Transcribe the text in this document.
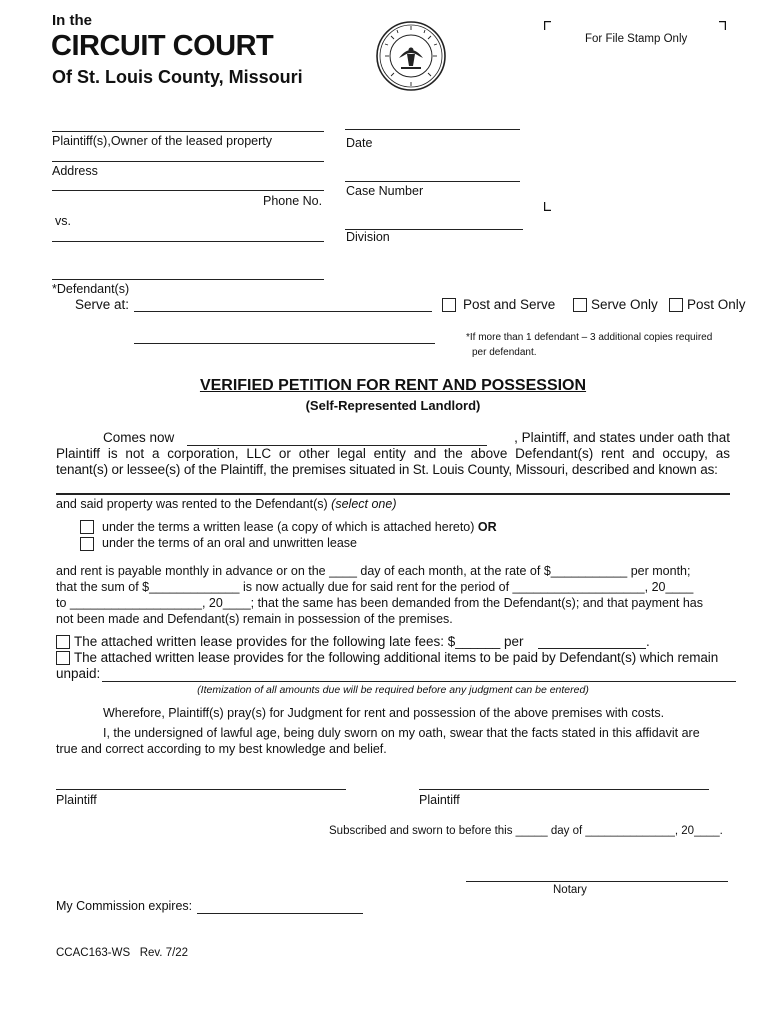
In the
CIRCUIT COURT
Of St. Louis County, Missouri
For File Stamp Only
Plaintiff(s),Owner of the leased property
Address
Phone No.
vs.
*Defendant(s)
Date
Case Number
Division
Serve at:	Post and Serve	Serve Only Post Only
*If more than 1 defendant – 3 additional copies required
per defendant.
VERIFIED PETITION FOR RENT AND POSSESSION
(Self-Represented Landlord)
Comes now	, Plaintiff, and states under oath that
Plaintiff is not a corporation, LLC or other legal entity and the above Defendant(s) rent and occupy, as
tenant(s) or lessee(s) of the Plaintiff, the premises situated in St. Louis County, Missouri, described and known as:
and said property was rented to the Defendant(s) (select one)
under the terms a written lease (a copy of which is attached hereto) OR
under the terms of an oral and unwritten lease
and rent is payable monthly in advance or on the ____ day of each month, at the rate of $___________ per month;
that the sum of $_____________ is now actually due for said rent for the period of ___________________, 20____
to ___________________, 20____; that the same has been demanded from the Defendant(s); and that payment has
not been made and Defendant(s) remain in possession of the premises.
The attached written lease provides for the following late fees: $______ per	.
The attached written lease provides for the following additional items to be paid by Defendant(s) which remain
unpaid:
(Itemization of all amounts due will be required before any judgment can be entered)
Wherefore, Plaintiff(s) pray(s) for Judgment for rent and possession of the above premises with costs.
I, the undersigned of lawful age, being duly sworn on my oath, swear that the facts stated in this affidavit are
true and correct according to my best knowledge and belief.
Plaintiff	Plaintiff
Subscribed and sworn to before this _____ day of ______________, 20____.
Notary
My Commission expires:
CCAC163-WS   Rev. 7/22
